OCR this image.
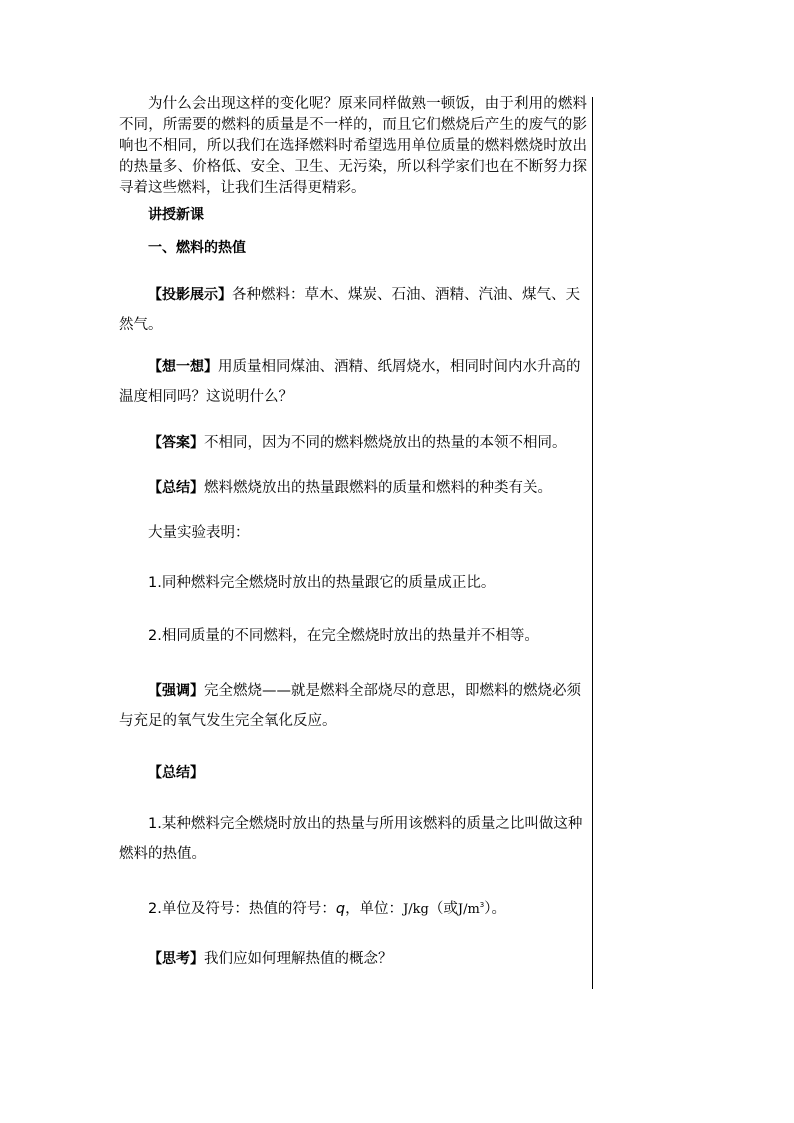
为什么会出现这样的变化呢？原来同样做熟一顿饭，由于利用的燃料不同，所需要的燃料的质量是不一样的，而且它们燃烧后产生的废气的影响也不相同，所以我们在选择燃料时希望选用单位质量的燃料燃烧时放出的热量多、价格低、安全、卫生、无污染，所以科学家们也在不断努力探寻着这些燃料，让我们生活得更精彩。

讲授新课

一、燃料的热值

【投影展示】各种燃料：草木、煤炭、石油、酒精、汽油、煤气、天然气。

【想一想】用质量相同煤油、酒精、纸屑烧水，相同时间内水升高的温度相同吗？这说明什么？

【答案】不相同，因为不同的燃料燃烧放出的热量的本领不相同。

【总结】燃料燃烧放出的热量跟燃料的质量和燃料的种类有关。

大量实验表明：

1.同种燃料完全燃烧时放出的热量跟它的质量成正比。

2.相同质量的不同燃料，在完全燃烧时放出的热量并不相等。

【强调】完全燃烧——就是燃料全部烧尽的意思，即燃料的燃烧必须与充足的氧气发生完全氧化反应。

【总结】

1.某种燃料完全燃烧时放出的热量与所用该燃料的质量之比叫做这种燃料的热值。

2.单位及符号：热值的符号：q，单位：J/kg（或$J/m^3$）。

【思考】我们应如何理解热值的概念？
